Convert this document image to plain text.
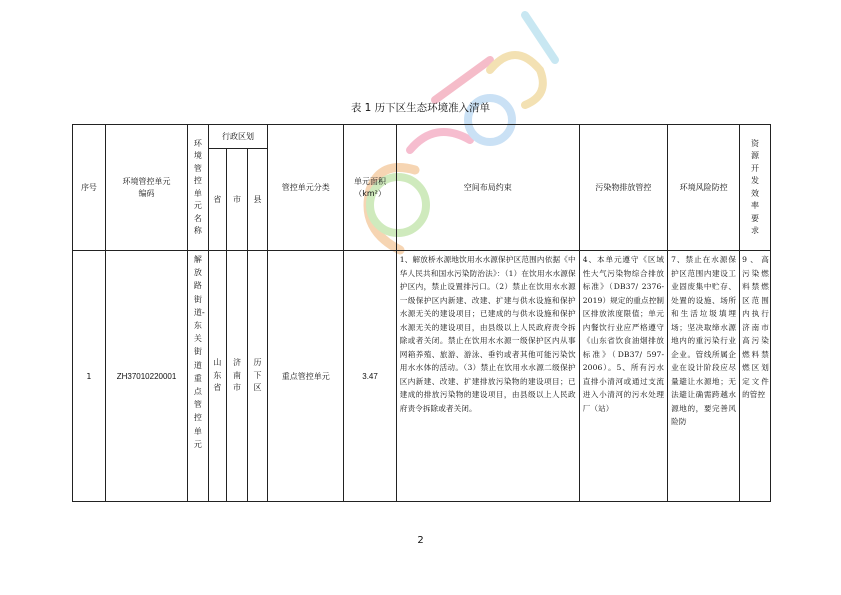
表 1 历下区生态环境准入清单
序号	环境管控单元编码	环境管控单元名称	行政区划			管控单元分类	单元面积（km²）	空间布局约束	污染物排放管控	环境风险防控	资源开发效率要求

			省	市	县						
1	ZH37010220001	解放路街道-东关街道重点管控单元	山东省	济南市	历下区	重点管控单元	3.47	1、解放桥水源地饮用水水源保护区范围内依据《中华人民共和国水污染防治法》：（1）在饮用水水源保护区内，禁止设置排污口。（2）禁止在饮用水水源一级保护区内新建、改建、扩建与供水设施和保护水源无关的建设项目；已建成的与供水设施和保护水源无关的建设项目，由县级以上人民政府责令拆除或者关闭。禁止在饮用水水源一级保护区内从事网箱养殖、旅游、游泳、垂钓或者其他可能污染饮用水水体的活动。（3）禁止在饮用水水源二级保护区内新建、改建、扩建排放污染物的建设项目；已建成的排放污染物的建设项目，由县级以上人民政府责令拆除或者关闭。	4、本单元遵守《区域性大气污染物综合排放标准》（DB37/ 2376-2019）规定的重点控制区排放浓度限值；单元内餐饮行业应严格遵守《山东省饮食油烟排放标准》（DB37/ 597-2006）。5、所有污水直排小清河或通过支流进入小清河的污水处理厂（站）	7、禁止在水源保护区范围内建设工业固废集中贮存、处置的设施、场所和生活垃圾填埋场；坚决取缔水源地内的重污染行业企业。管线所属企业在设计阶段应尽量避让水源地；无法避让确需跨越水源地的，要完善风险防	9、高污染燃料禁燃区范围内执行济南市高污染燃料禁燃区划定文件的管控
2
